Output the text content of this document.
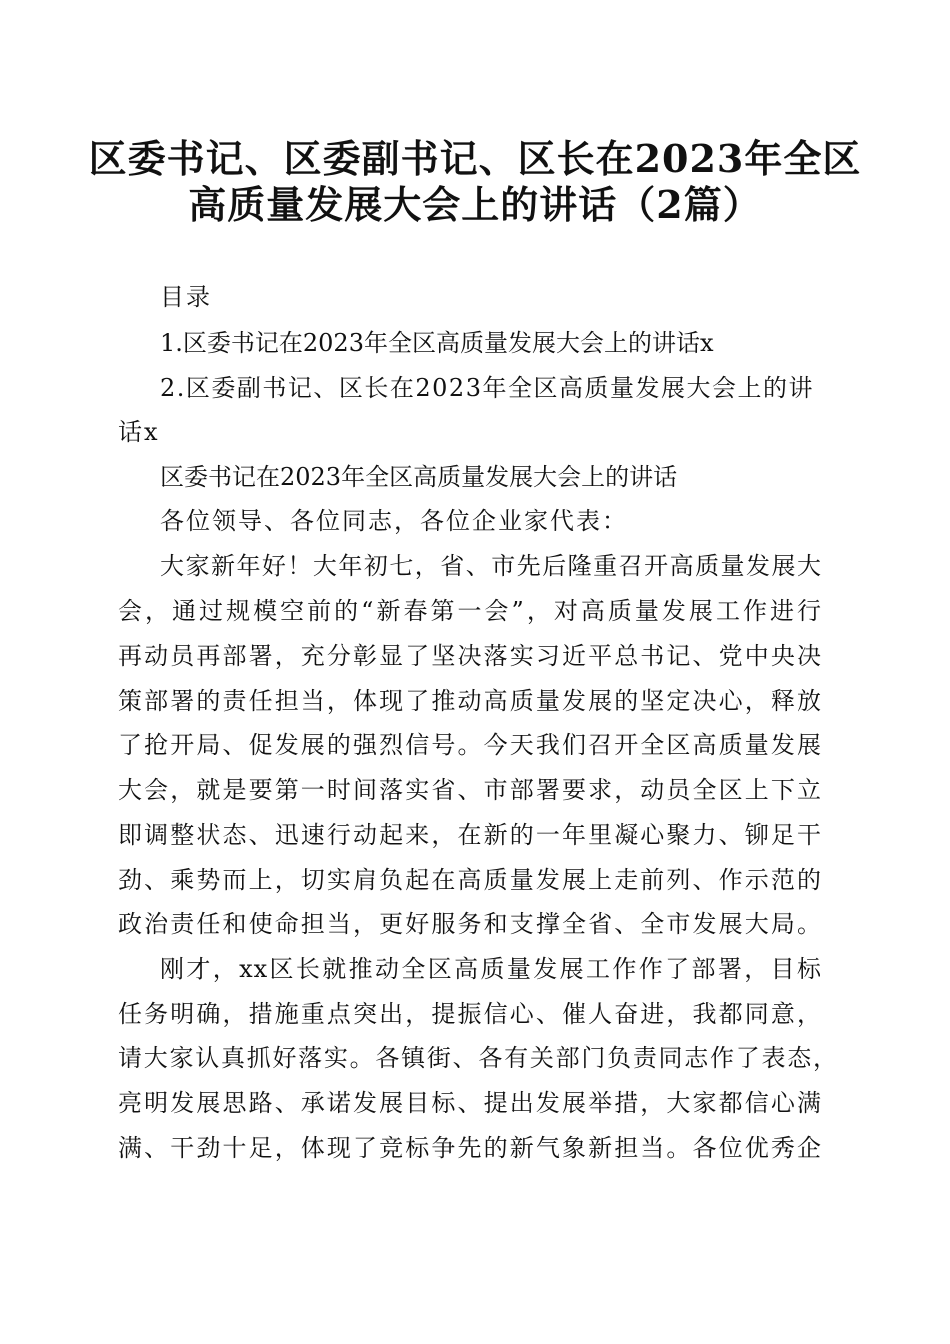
区委书记、区委副书记、区长在2023年全区
高质量发展大会上的讲话（2篇）
目录
1.区委书记在2023年全区高质量发展大会上的讲话x
2.区委副书记、区长在2023年全区高质量发展大会上的讲
话x
区委书记在2023年全区高质量发展大会上的讲话
各位领导、各位同志，各位企业家代表：
大家新年好！大年初七，省、市先后隆重召开高质量发展大
会，通过规模空前的“新春第一会”，对高质量发展工作进行
再动员再部署，充分彰显了坚决落实习近平总书记、党中央决
策部署的责任担当，体现了推动高质量发展的坚定决心，释放
了抢开局、促发展的强烈信号。今天我们召开全区高质量发展
大会，就是要第一时间落实省、市部署要求，动员全区上下立
即调整状态、迅速行动起来，在新的一年里凝心聚力、铆足干
劲、乘势而上，切实肩负起在高质量发展上走前列、作示范的
政治责任和使命担当，更好服务和支撑全省、全市发展大局。
刚才，xx区长就推动全区高质量发展工作作了部署，目标
任务明确，措施重点突出，提振信心、催人奋进，我都同意，
请大家认真抓好落实。各镇街、各有关部门负责同志作了表态，
亮明发展思路、承诺发展目标、提出发展举措，大家都信心满
满、干劲十足，体现了竞标争先的新气象新担当。各位优秀企
